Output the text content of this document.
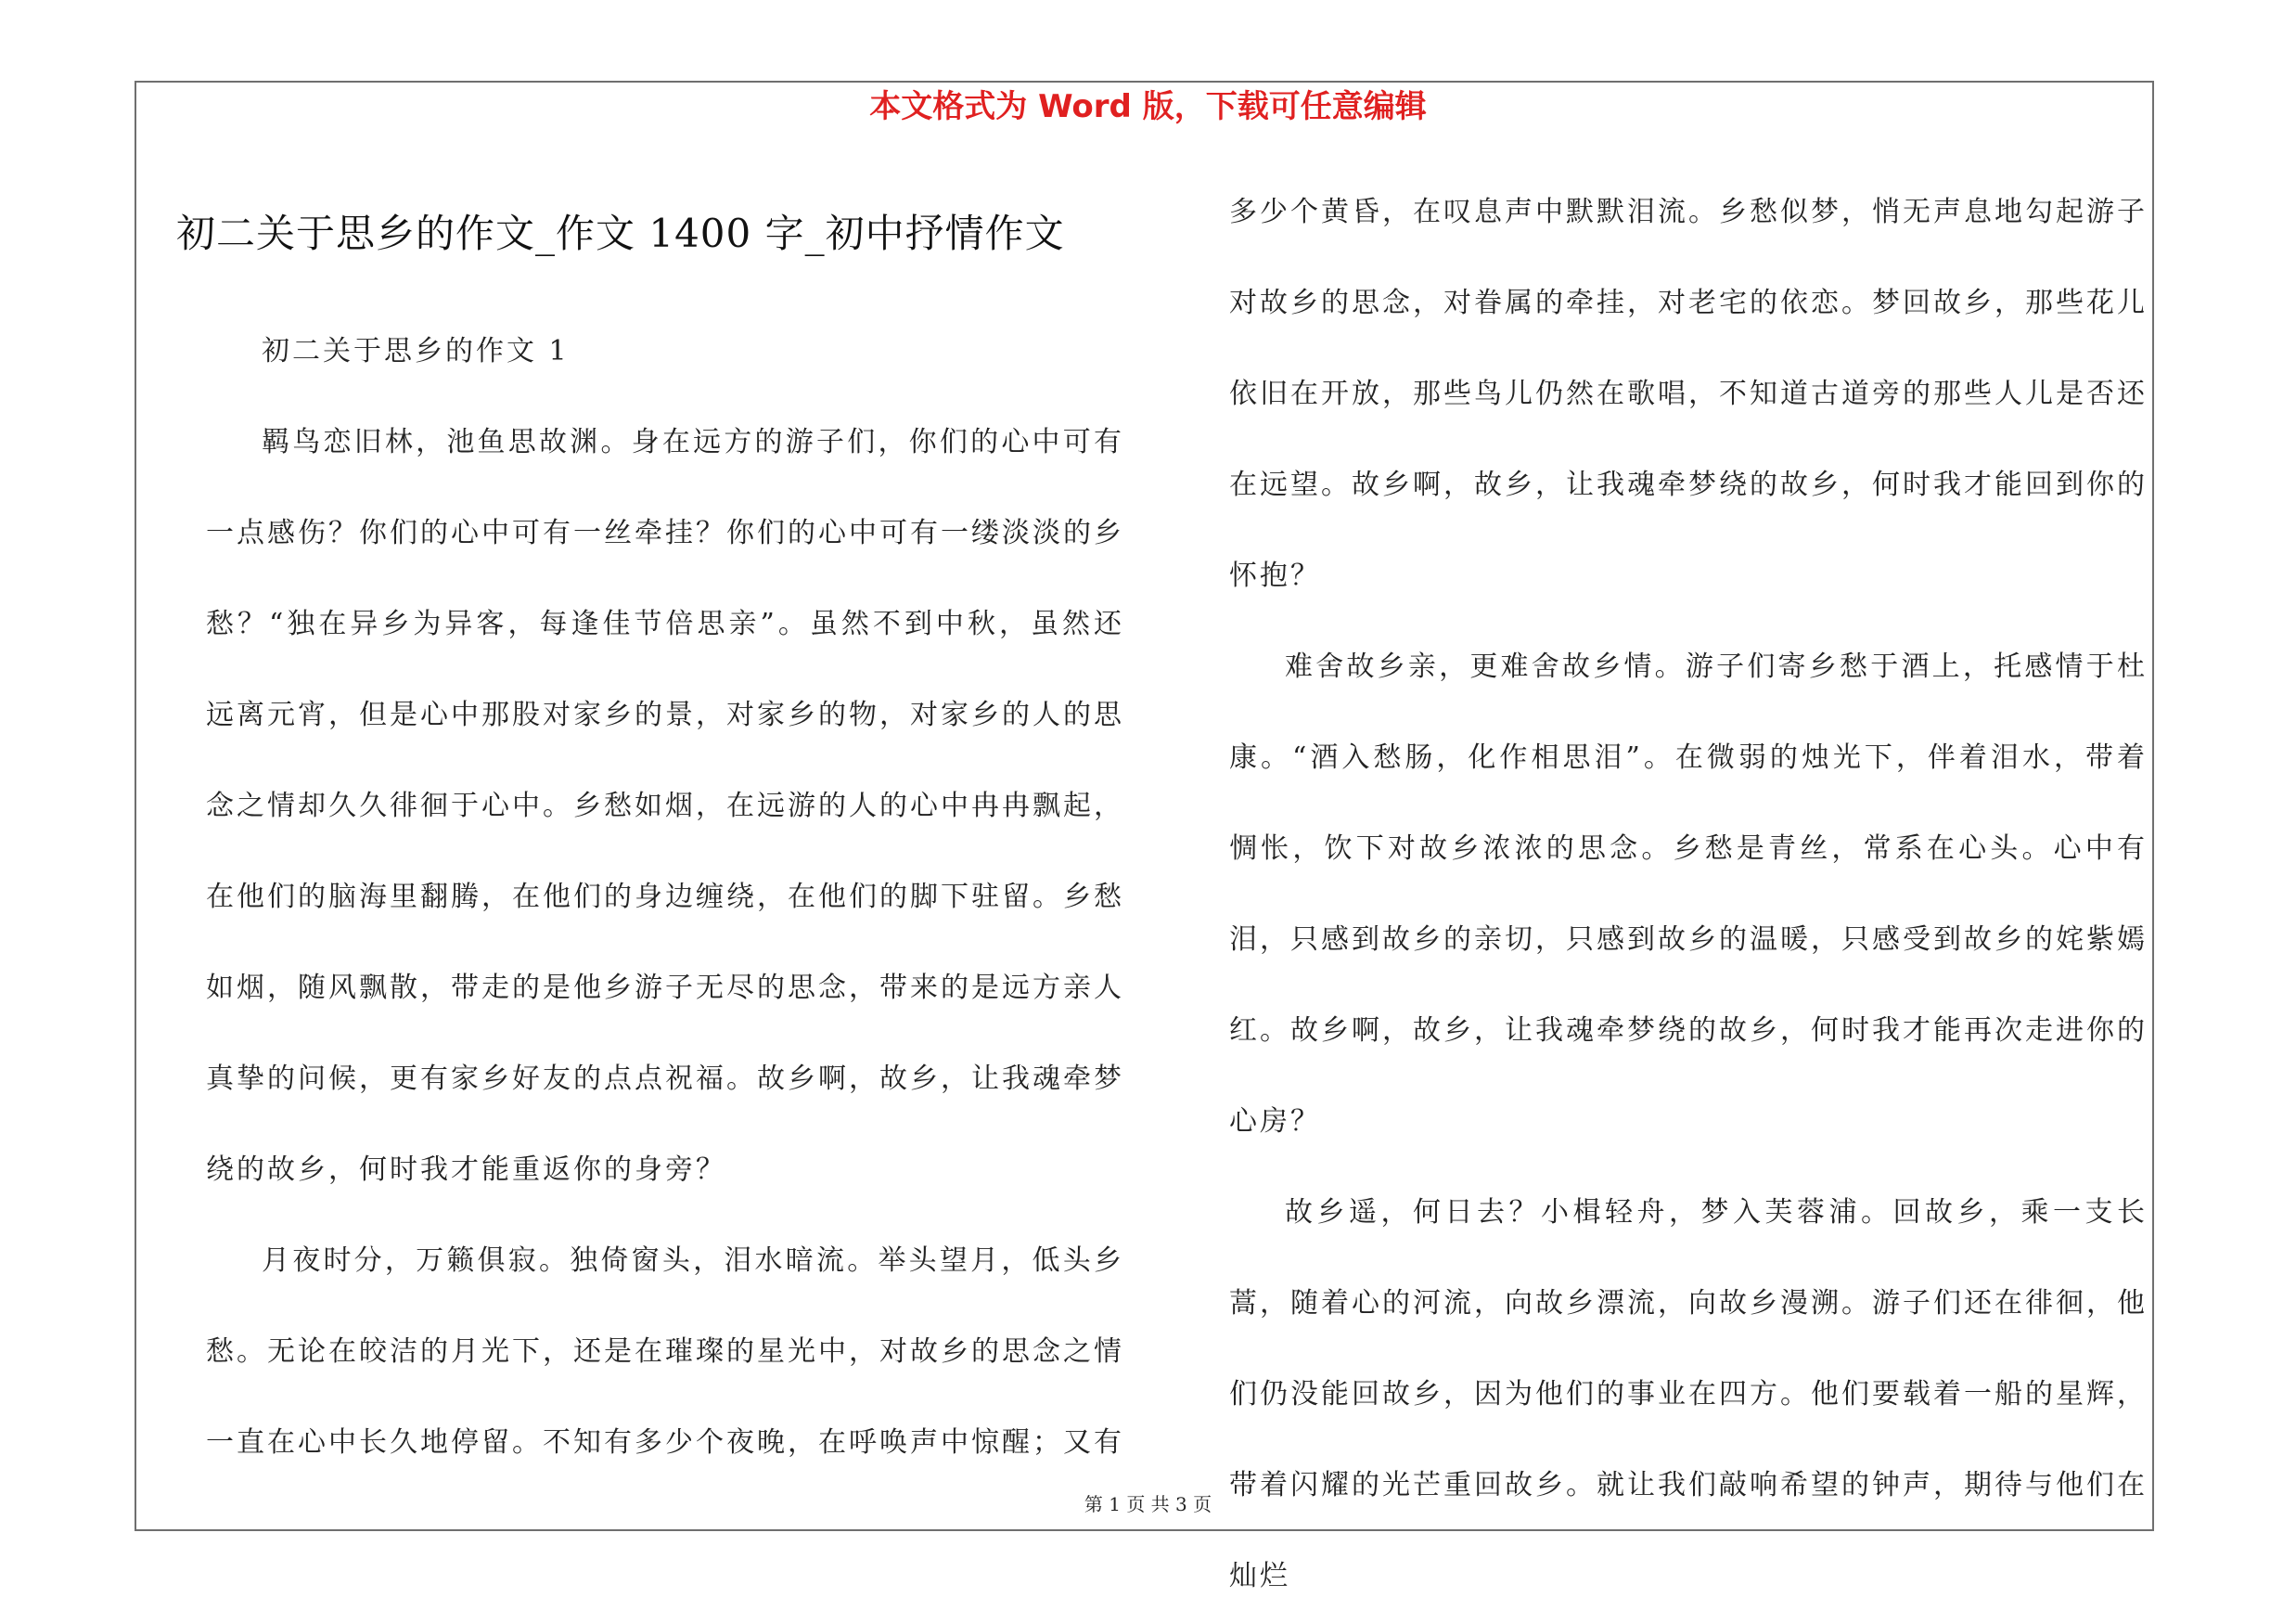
本文格式为 Word 版，下载可任意编辑
初二关于思乡的作文_作文 1400 字_初中抒情作文

初二关于思乡的作文 1

羁鸟恋旧林，池鱼思故渊。身在远方的游子们，你们的心中可有一点感伤？你们的心中可有一丝牵挂？你们的心中可有一缕淡淡的乡愁？“独在异乡为异客，每逢佳节倍思亲”。虽然不到中秋，虽然还远离元宵，但是心中那股对家乡的景，对家乡的物，对家乡的人的思念之情却久久徘徊于心中。乡愁如烟，在远游的人的心中冉冉飘起，在他们的脑海里翻腾，在他们的身边缠绕，在他们的脚下驻留。乡愁如烟，随风飘散，带走的是他乡游子无尽的思念，带来的是远方亲人真挚的问候，更有家乡好友的点点祝福。故乡啊，故乡，让我魂牵梦绕的故乡，何时我才能重返你的身旁？

月夜时分，万籁俱寂。独倚窗头，泪水暗流。举头望月，低头乡愁。无论在皎洁的月光下，还是在璀璨的星光中，对故乡的思念之情一直在心中长久地停留。不知有多少个夜晚，在呼唤声中惊醒；又有

多少个黄昏，在叹息声中默默泪流。乡愁似梦，悄无声息地勾起游子对故乡的思念，对眷属的牵挂，对老宅的依恋。梦回故乡，那些花儿依旧在开放，那些鸟儿仍然在歌唱，不知道古道旁的那些人儿是否还在远望。故乡啊，故乡，让我魂牵梦绕的故乡，何时我才能回到你的怀抱？

难舍故乡亲，更难舍故乡情。游子们寄乡愁于酒上，托感情于杜康。“酒入愁肠，化作相思泪”。在微弱的烛光下，伴着泪水，带着惆怅，饮下对故乡浓浓的思念。乡愁是青丝，常系在心头。心中有泪，只感到故乡的亲切，只感到故乡的温暖，只感受到故乡的姹紫嫣红。故乡啊，故乡，让我魂牵梦绕的故乡，何时我才能再次走进你的心房？

故乡遥，何日去？小楫轻舟，梦入芙蓉浦。回故乡，乘一支长蒿，随着心的河流，向故乡漂流，向故乡漫溯。游子们还在徘徊，他们仍没能回故乡，因为他们的事业在四方。他们要载着一船的星辉，带着闪耀的光芒重回故乡。就让我们敲响希望的钟声，期待与他们在灿烂

第 1 页 共 3 页
